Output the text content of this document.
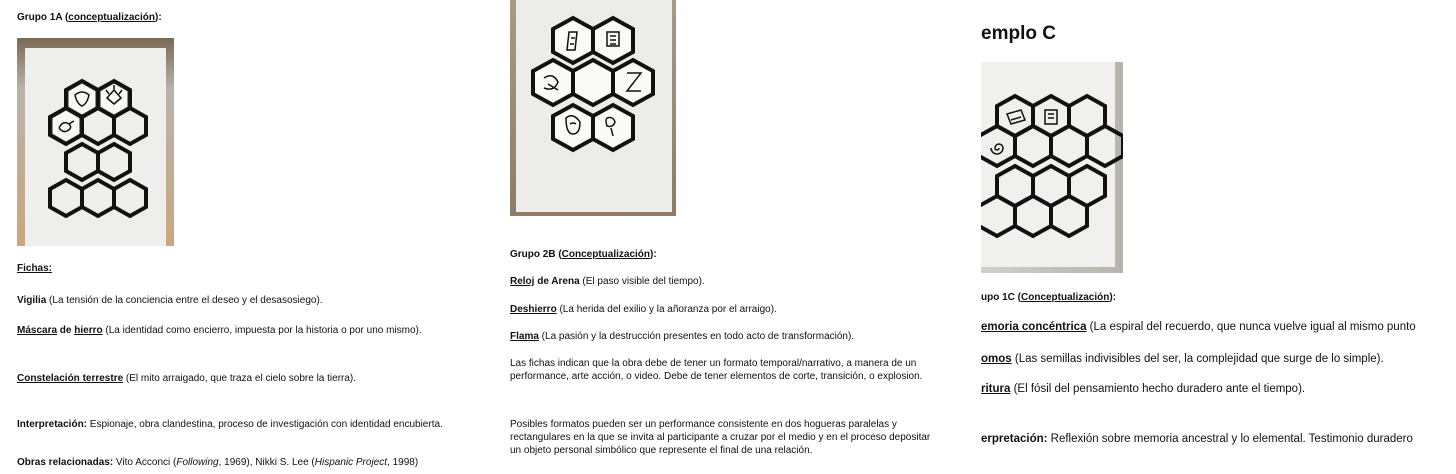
Grupo 1A (conceptualización):

Fichas:

Vigilia (La tensión de la conciencia entre el deseo y el desasosiego).

Máscara de hierro (La identidad como encierro, impuesta por la historia o por uno mismo).

Constelación terrestre (El mito arraigado, que traza el cielo sobre la tierra).

Interpretación: Espionaje, obra clandestina, proceso de investigación con identidad encubierta.

Obras relacionadas: Vito Acconci (Following, 1969), Nikki S. Lee (Hispanic Project, 1998)

Grupo 2B (Conceptualización):

Reloj de Arena (El paso visible del tiempo).

Deshierro (La herida del exilio y la añoranza por el arraigo).

Flama (La pasión y la destrucción presentes en todo acto de transformación).

Las fichas indican que la obra debe de tener un formato temporal/narrativo, a manera de un performance, arte acción, o video. Debe de tener elementos de corte, transición, o explosion.

Posibles formatos pueden ser un performance consistente en dos hogueras paralelas y rectangulares en la que se invita al participante a cruzar por el medio y en el proceso depositar un objeto personal simbólico que represente el final de una relación.

emplo C

upo 1C (Conceptualización):

emoria concéntrica (La espiral del recuerdo, que nunca vuelve igual al mismo punto

omos (Las semillas indivisibles del ser, la complejidad que surge de lo simple).

ritura (El fósil del pensamiento hecho duradero ante el tiempo).

erpretación: Reflexión sobre memoria ancestral y lo elemental. Testimonio duradero
